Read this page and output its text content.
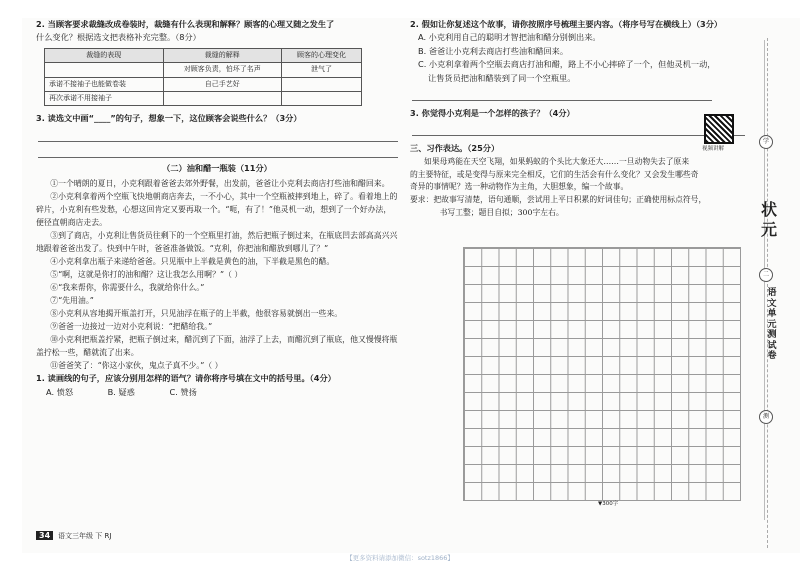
2. 当顾客要求裁缝改成卷装时，裁缝有什么表现和解释？顾客的心理又随之发生了

什么变化？根据选文把表格补充完整。（8分）

裁缝的表现	裁缝的解释	顾客的心理变化
	对顾客负责，怕坏了名声	泄气了
承诺不接袖子也能做卷装	自己手艺好	
再次承诺不用接袖子		

3. 读选文中画“____”的句子，想象一下，这位顾客会说些什么？（3分）

（二）油和醋一瓶装（11分）

①一个晴朗的夏日，小克利跟着爸爸去郊外野餐，出发前，爸爸让小克利去商店打些油和醋回来。

②小克利拿着两个空瓶飞快地朝商店奔去，一不小心，其中一个空瓶被摔到地上，碎了。看着地上的碎片，小克利有些发愁，心想这回肯定又要再取一个。“呃，有了！”他灵机一动，想到了一个好办法，便径直朝商店走去。

③到了商店，小克利让售货员往剩下的一个空瓶里打油，然后把瓶子倒过来，在瓶底凹去部高高兴兴地跟着爸爸出发了。快到中午时，爸爸准备做饭。“克利，你把油和醋放到哪儿了？”

④小克利拿出瓶子来递给爸爸。只见瓶中上半截是黄色的油，下半截是黑色的醋。

⑤“啊，这就是你打的油和醋？这让我怎么用啊？”（ ）

⑥“我来帮你，你需要什么，我就给你什么。”

⑦“先用油。”

⑧小克利从容地揭开瓶盖打开，只见油浮在瓶子的上半截，他很容易就倒出一些来。

⑨爸爸一边接过一边对小克利说：“把醋给我。”

⑩小克利把瓶盖拧紧，把瓶子倒过来，醋沉到了下面，油浮了上去，而醋沉到了瓶底，他又慢慢将瓶盖拧松一些，醋就流了出来。

⑪爸爸笑了：“你这小家伙，鬼点子真不少。”（ ）

1. 读画线的句子，应该分别用怎样的语气？请你将序号填在文中的括号里。（4分）

A. 愤怒	B. 疑惑	C. 赞扬

2. 假如让你复述这个故事，请你按照序号梳理主要内容。（将序号写在横线上）（3分）

A. 小克利用自己的聪明才智把油和醋分别倒出来。

B. 爸爸让小克利去商店打些油和醋回来。

C. 小克利拿着两个空瓶去商店打油和醋，路上不小心摔碎了一个，但他灵机一动，

让售货员把油和醋装到了同一个空瓶里。

3. 你觉得小克利是一个怎样的孩子？（4分）

三、习作表达。（25分）

如果母鸡能在天空飞翔，如果蚂蚁的个头比大象还大……一旦动物失去了原来

的主要特征，或是变得与原来完全相反，它们的生活会有什么变化？又会发生哪些奇

奇异的事情呢？选一种动物作为主角，大胆想象，编一个故事。

要求：把故事写清楚，语句通顺，尝试用上平日积累的好词佳句；正确使用标点符号，

书写工整；题目自拟；300字左右。

视频讲解
34	语文三年级 下 RJ
▼300字
学
状元
二
语文单元测试卷
测
【更多资料请添加微信：sotz1866】
